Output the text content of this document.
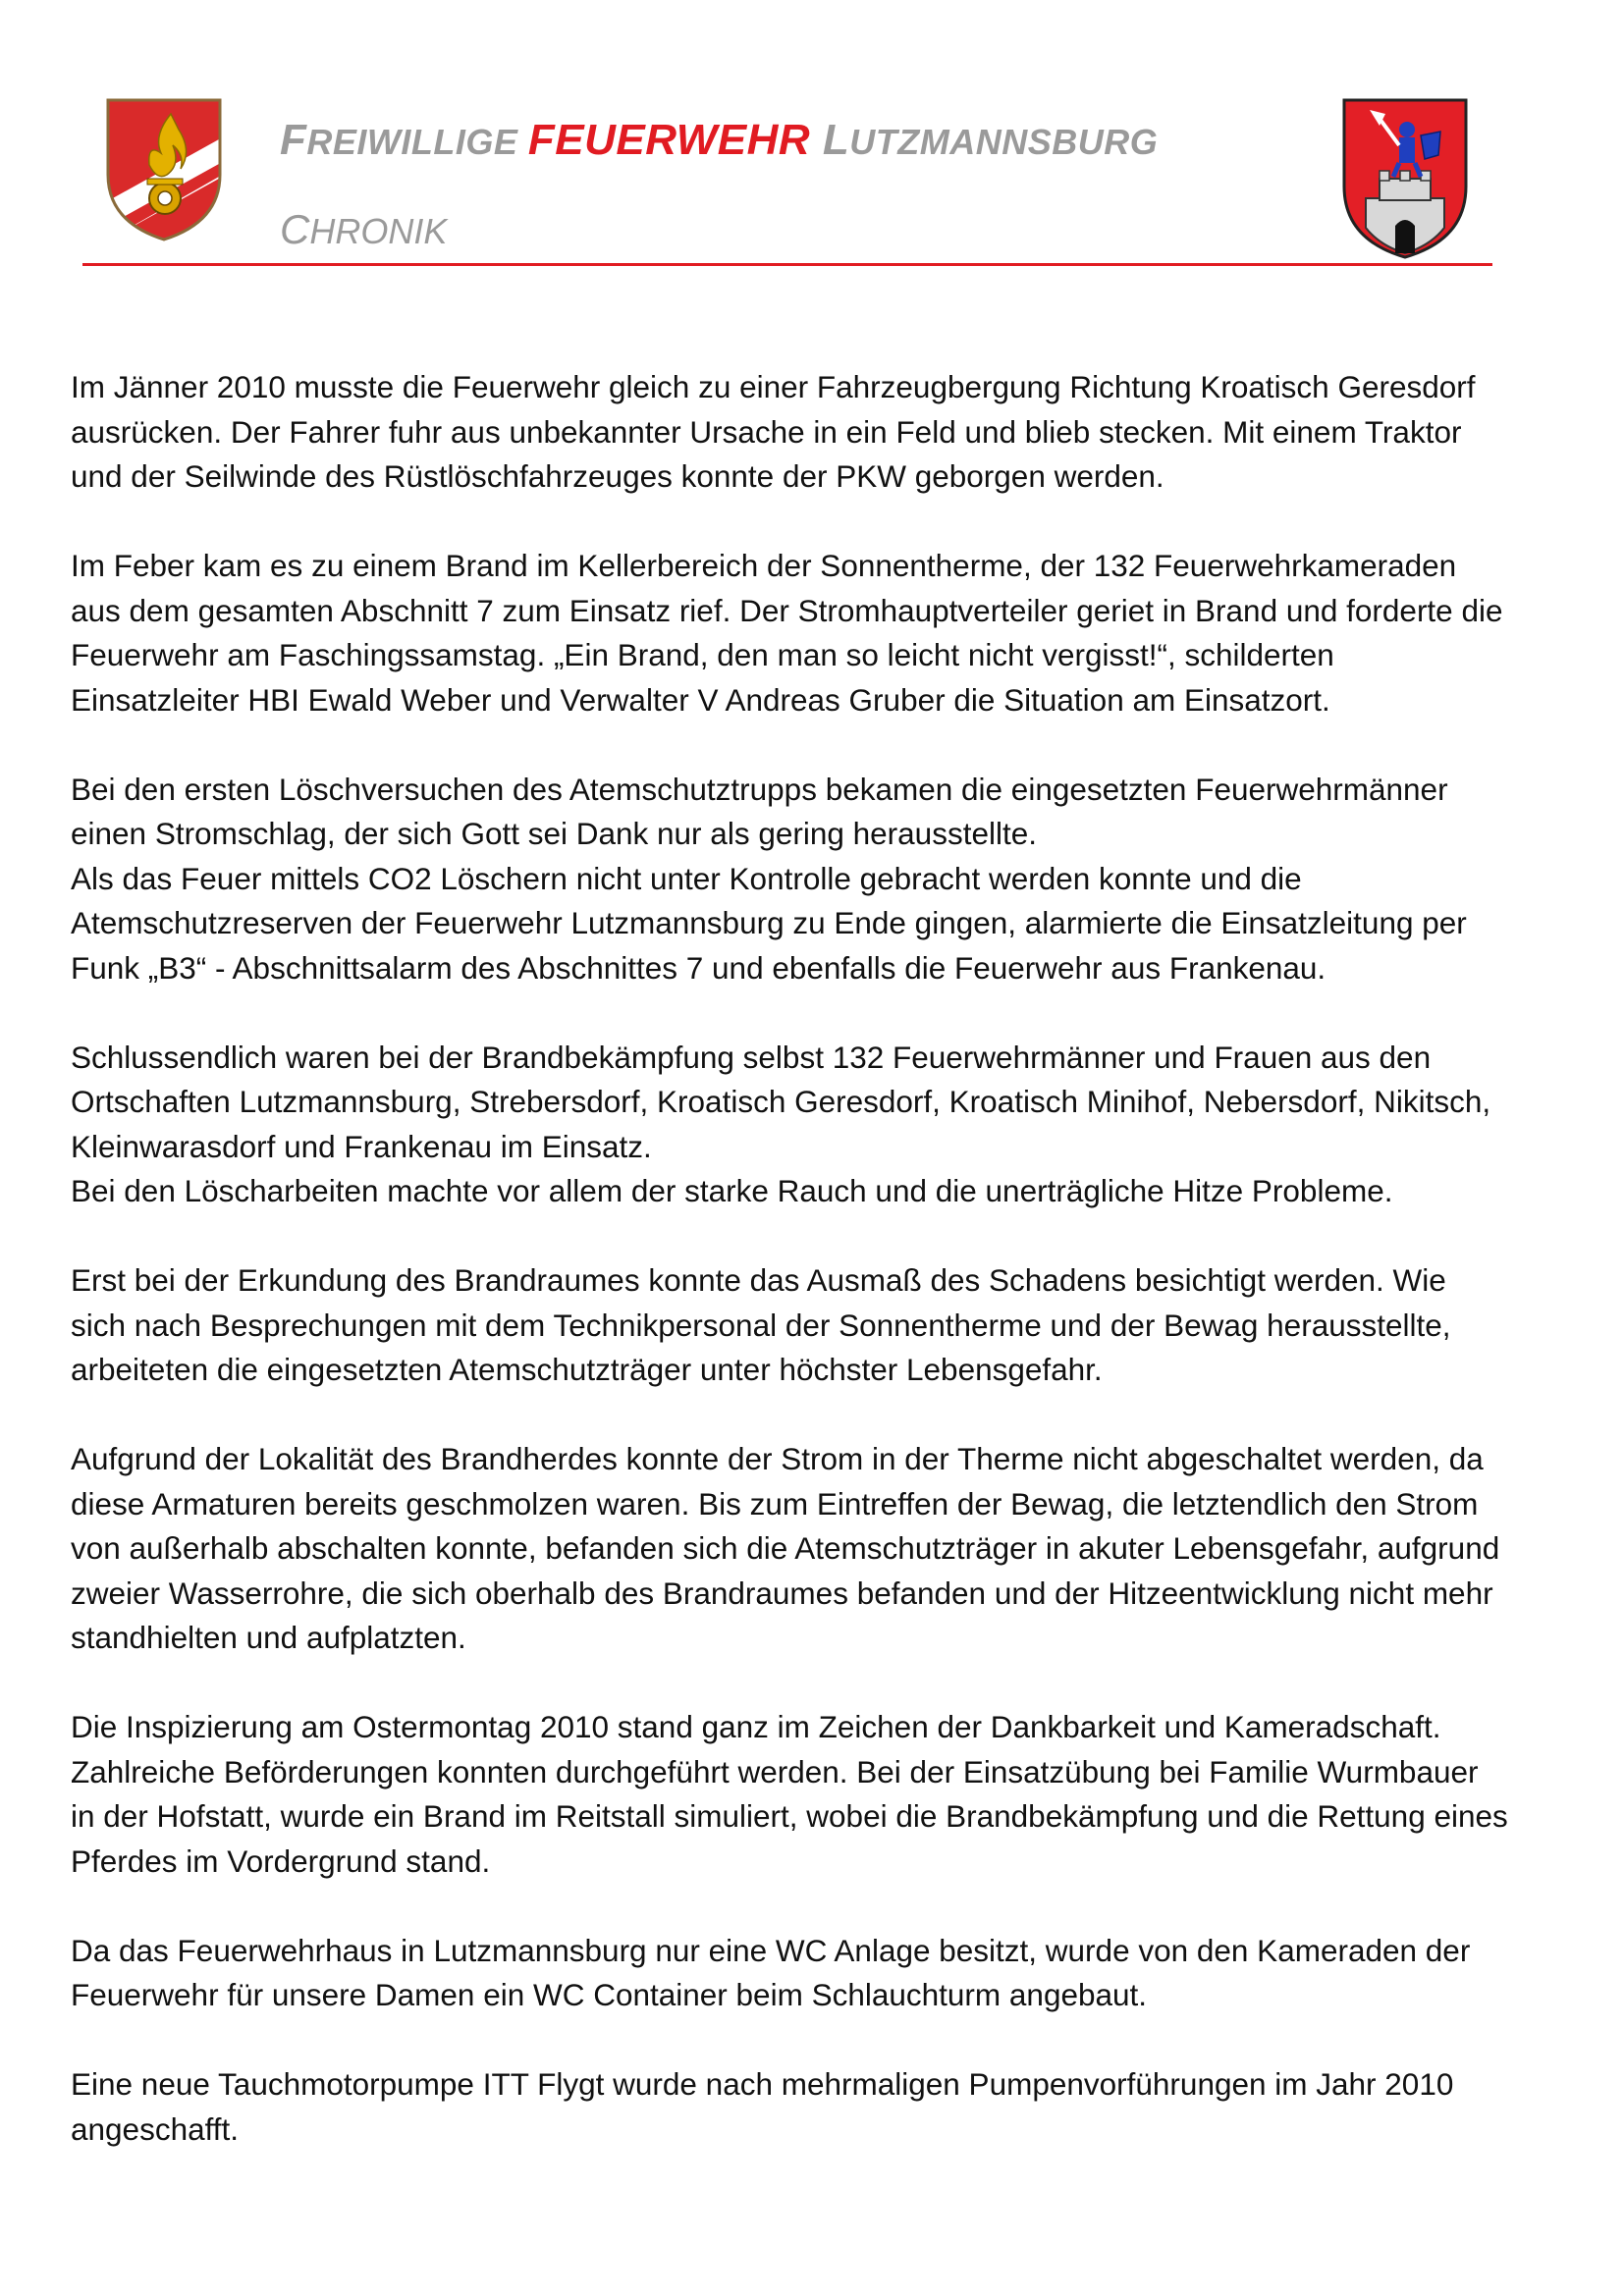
FREIWILLIGE FEUERWEHR LUTZMANNSBURG
CHRONIK

Im Jänner 2010 musste die Feuerwehr gleich zu einer Fahrzeugbergung Richtung Kroatisch Geresdorf
ausrücken. Der Fahrer fuhr aus unbekannter Ursache in ein Feld und blieb stecken. Mit einem Traktor
und der Seilwinde des Rüstlöschfahrzeuges konnte der PKW geborgen werden.

Im Feber kam es zu einem Brand im Kellerbereich der Sonnentherme, der 132 Feuerwehrkameraden
aus dem gesamten Abschnitt 7 zum Einsatz rief. Der Stromhauptverteiler geriet in Brand und forderte die
Feuerwehr am Faschingssamstag. „Ein Brand, den man so leicht nicht vergisst!“, schilderten
Einsatzleiter HBI Ewald Weber und Verwalter V Andreas Gruber die Situation am Einsatzort.

Bei den ersten Löschversuchen des Atemschutztrupps bekamen die eingesetzten Feuerwehrmänner
einen Stromschlag, der sich Gott sei Dank nur als gering herausstellte.
Als das Feuer mittels CO2 Löschern nicht unter Kontrolle gebracht werden konnte und die
Atemschutzreserven der Feuerwehr Lutzmannsburg zu Ende gingen, alarmierte die Einsatzleitung per
Funk „B3“ - Abschnittsalarm des Abschnittes 7 und ebenfalls die Feuerwehr aus Frankenau.

Schlussendlich waren bei der Brandbekämpfung selbst 132 Feuerwehrmänner und Frauen aus den
Ortschaften Lutzmannsburg, Strebersdorf, Kroatisch Geresdorf, Kroatisch Minihof, Nebersdorf, Nikitsch,
Kleinwarasdorf und Frankenau im Einsatz.
Bei den Löscharbeiten machte vor allem der starke Rauch und die unerträgliche Hitze Probleme.

Erst bei der Erkundung des Brandraumes konnte das Ausmaß des Schadens besichtigt werden. Wie
sich nach Besprechungen mit dem Technikpersonal der Sonnentherme und der Bewag herausstellte,
arbeiteten die eingesetzten Atemschutzträger unter höchster Lebensgefahr.

Aufgrund der Lokalität des Brandherdes konnte der Strom in der Therme nicht abgeschaltet werden, da
diese Armaturen bereits geschmolzen waren. Bis zum Eintreffen der Bewag, die letztendlich den Strom
von außerhalb abschalten konnte, befanden sich die Atemschutzträger in akuter Lebensgefahr, aufgrund
zweier Wasserrohre, die sich oberhalb des Brandraumes befanden und der Hitzeentwicklung nicht mehr
standhielten und aufplatzten.

Die Inspizierung am Ostermontag 2010 stand ganz im Zeichen der Dankbarkeit und Kameradschaft.
Zahlreiche Beförderungen konnten durchgeführt werden. Bei der Einsatzübung bei Familie Wurmbauer
in der Hofstatt, wurde ein Brand im Reitstall simuliert, wobei die Brandbekämpfung und die Rettung eines
Pferdes im Vordergrund stand.

Da das Feuerwehrhaus in Lutzmannsburg nur eine WC Anlage besitzt, wurde von den Kameraden der
Feuerwehr für unsere Damen ein WC Container beim Schlauchturm angebaut.

Eine neue Tauchmotorpumpe ITT Flygt wurde nach mehrmaligen Pumpenvorführungen im Jahr 2010
angeschafft.
